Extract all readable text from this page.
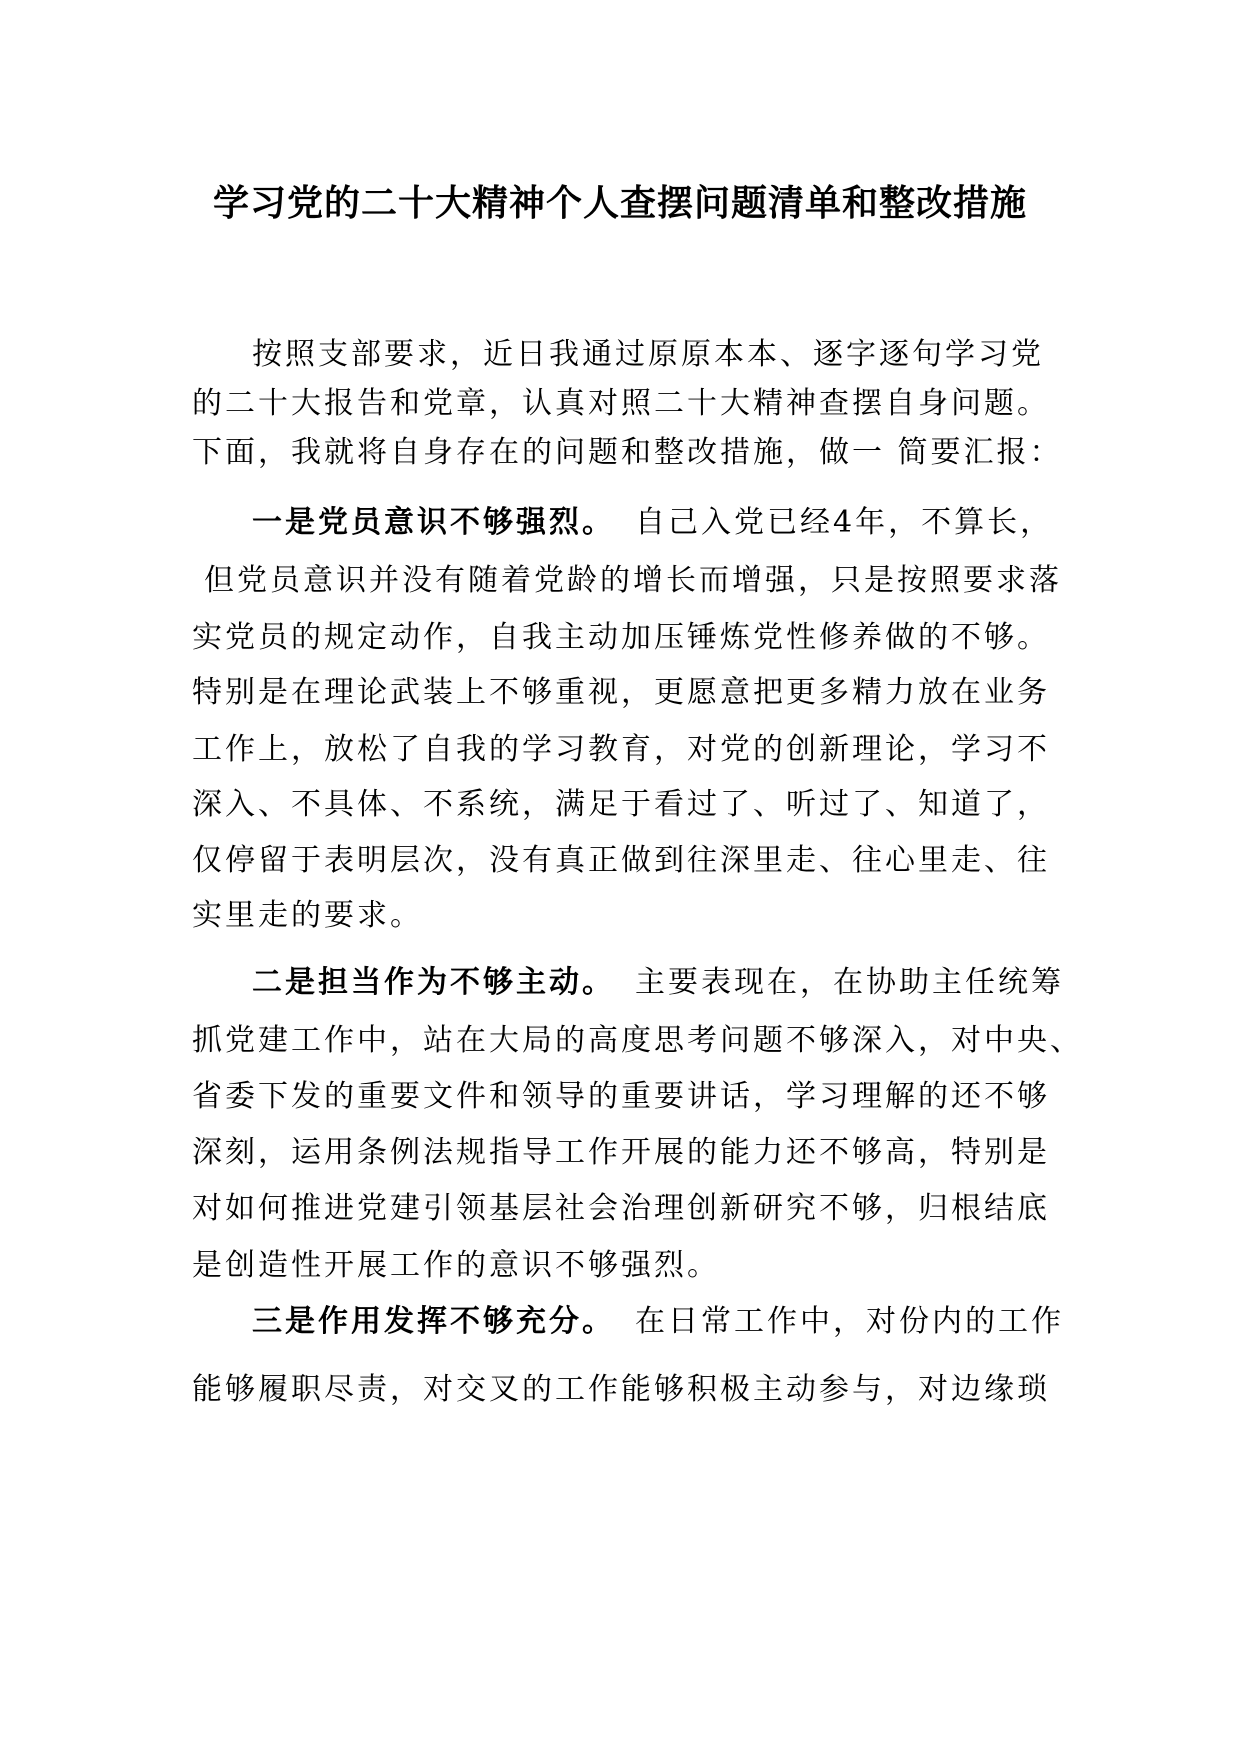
学习党的二十大精神个人查摆问题清单和整改措施
按照支部要求，近日我通过原原本本、逐字逐句学习党
的二十大报告和党章，认真对照二十大精神查摆自身问题。
下面，我就将自身存在的问题和整改措施，做一 简要汇报：
一是党员意识不够强烈。 自己入党已经4年，不算长，
但党员意识并没有随着党龄的增长而增强，只是按照要求落
实党员的规定动作，自我主动加压锤炼党性修养做的不够。
特别是在理论武装上不够重视，更愿意把更多精力放在业务
工作上，放松了自我的学习教育，对党的创新理论，学习不
深入、不具体、不系统，满足于看过了、听过了、知道了，
仅停留于表明层次，没有真正做到往深里走、往心里走、往
实里走的要求。
二是担当作为不够主动。 主要表现在，在协助主任统筹
抓党建工作中，站在大局的高度思考问题不够深入，对中央、
省委下发的重要文件和领导的重要讲话，学习理解的还不够
深刻，运用条例法规指导工作开展的能力还不够高，特别是
对如何推进党建引领基层社会治理创新研究不够，归根结底
是创造性开展工作的意识不够强烈。
三是作用发挥不够充分。 在日常工作中，对份内的工作
能够履职尽责，对交叉的工作能够积极主动参与，对边缘琐
